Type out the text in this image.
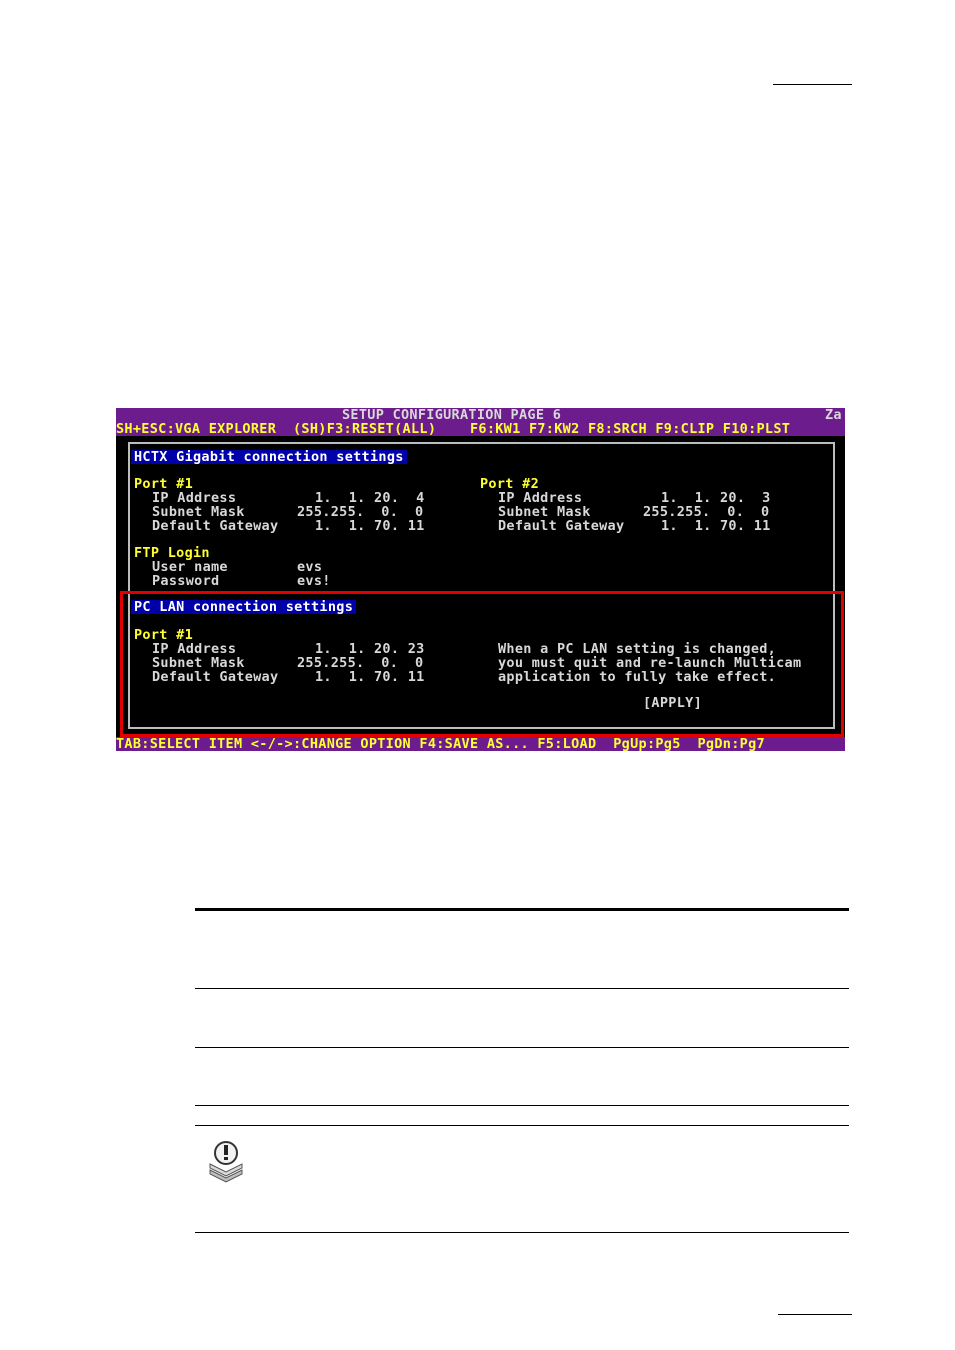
SETUP CONFIGURATION PAGE 6	Za
SH+ESC:VGA EXPLORER  (SH)F3:RESET(ALL)    F6:KW1 F7:KW2 F8:SRCH F9:CLIP F10:PLST
HCTX Gigabit connection settings
Port #1
IP Address	1.  1. 20.  4
Subnet Mask	255.255.  0.  0
Default Gateway	1.  1. 70. 11
Port #2
IP Address	1.  1. 20.  3
Subnet Mask	255.255.  0.  0
Default Gateway	1.  1. 70. 11
FTP Login
User name	evs
Password	evs!
PC LAN connection settings
Port #1
IP Address	1.  1. 20. 23
Subnet Mask	255.255.  0.  0
Default Gateway	1.  1. 70. 11
When a PC LAN setting is changed,
you must quit and re-launch Multicam
application to fully take effect.
[APPLY]
TAB:SELECT ITEM <-/->:CHANGE OPTION F4:SAVE AS... F5:LOAD  PgUp:Pg5  PgDn:Pg7
